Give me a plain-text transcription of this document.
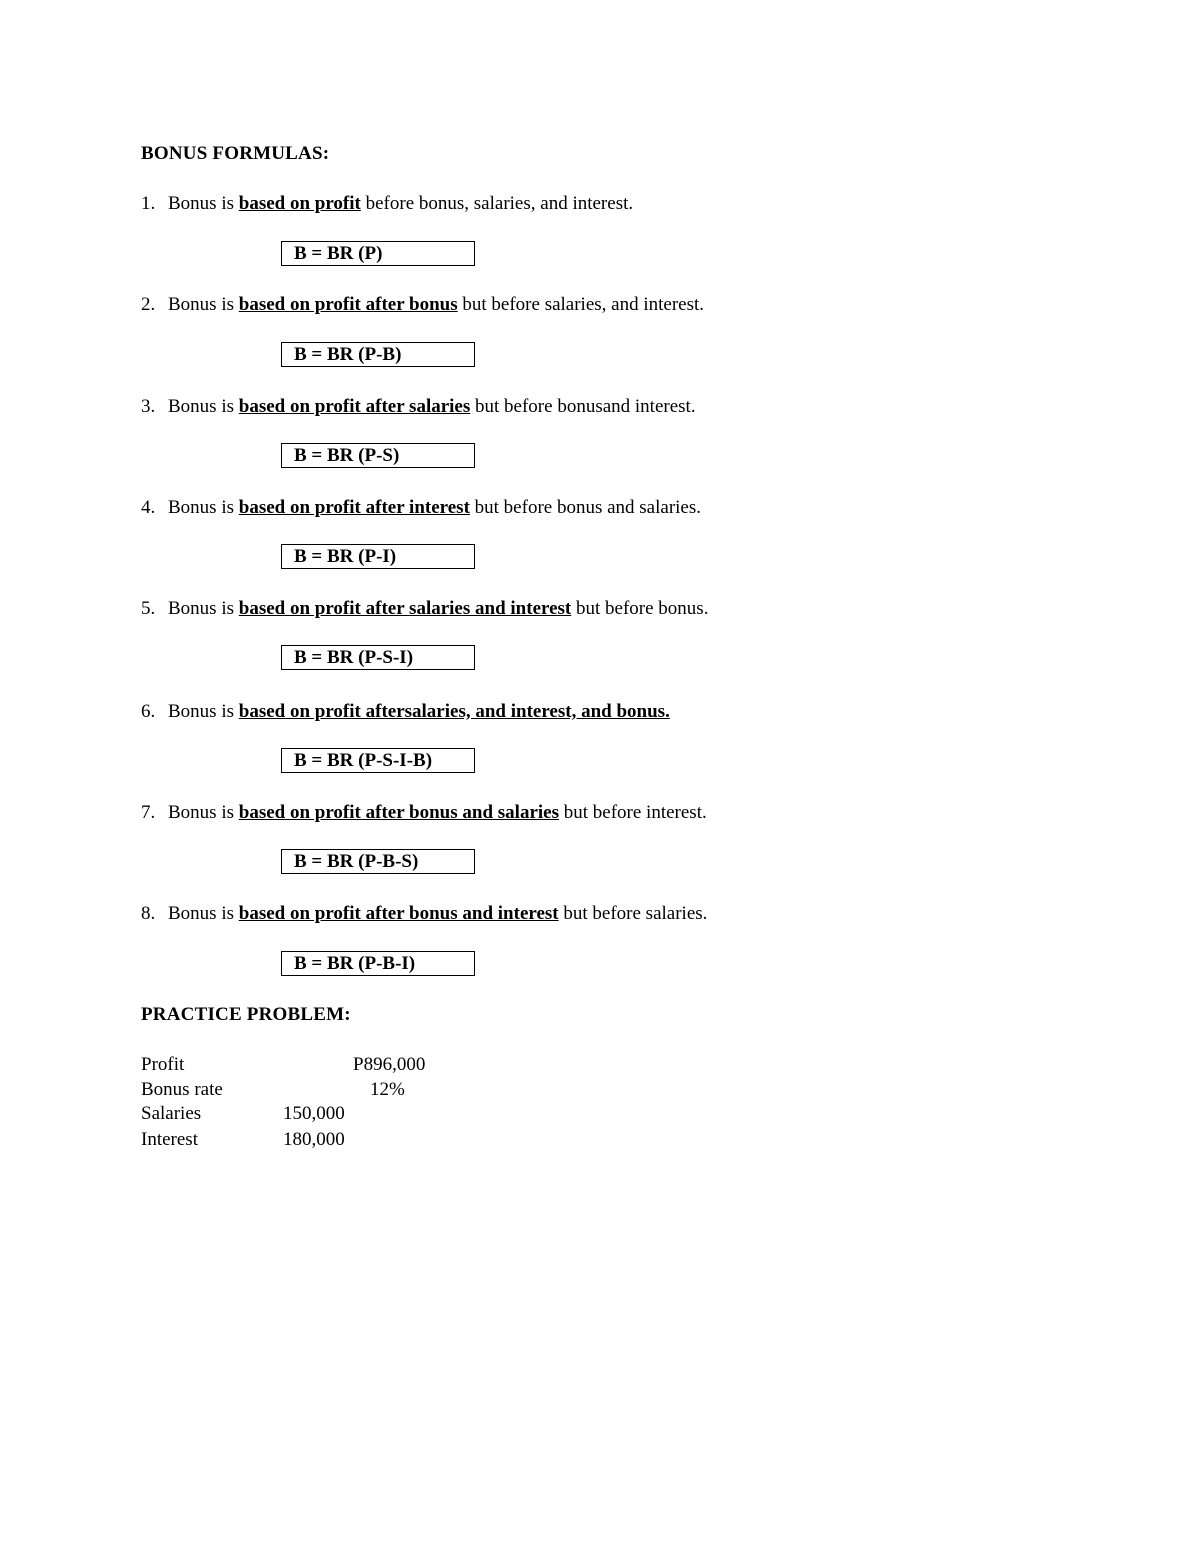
BONUS FORMULAS:
1. Bonus is based on profit before bonus, salaries, and interest.
B = BR (P)
2. Bonus is based on profit after bonus but before salaries, and interest.
B = BR (P-B)
3. Bonus is based on profit after salaries but before bonusand interest.
B = BR (P-S)
4. Bonus is based on profit after interest but before bonus and salaries.
B = BR (P-I)
5. Bonus is based on profit after salaries and interest but before bonus.
B = BR (P-S-I)
6. Bonus is based on profit aftersalaries, and interest, and bonus.
B = BR (P-S-I-B)
7. Bonus is based on profit after bonus and salaries but before interest.
B = BR (P-B-S)
8. Bonus is based on profit after bonus and interest but before salaries.
B = BR (P-B-I)
PRACTICE PROBLEM:
Profit	P896,000
Bonus rate	12%
Salaries	150,000
Interest	180,000
